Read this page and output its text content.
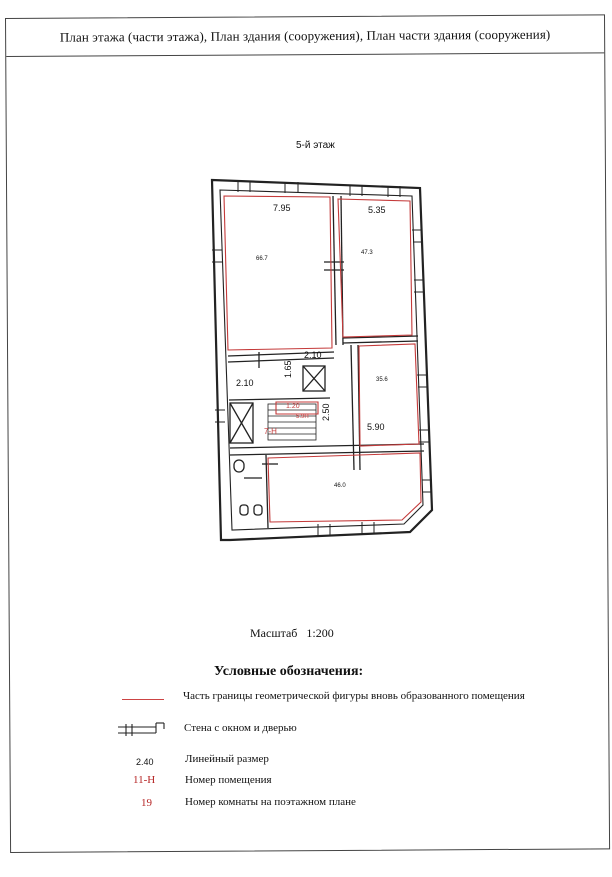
План этажа (части этажа), План здания (сооружения), План части здания (сооружения)
5-й этаж
7.95	5.35
66.7
47.3
2.10
1.65
2.10	35.6
1.20
7-Н
5.9Н 2.50
5.90
46.0
Масштаб 1:200
Условные обозначения:
Часть границы геометрической фигуры вновь образованного помещения
Стена с окном и дверью
2.40	Линейный размер
11-Н	Номер помещения
19	Номер комнаты на поэтажном плане
